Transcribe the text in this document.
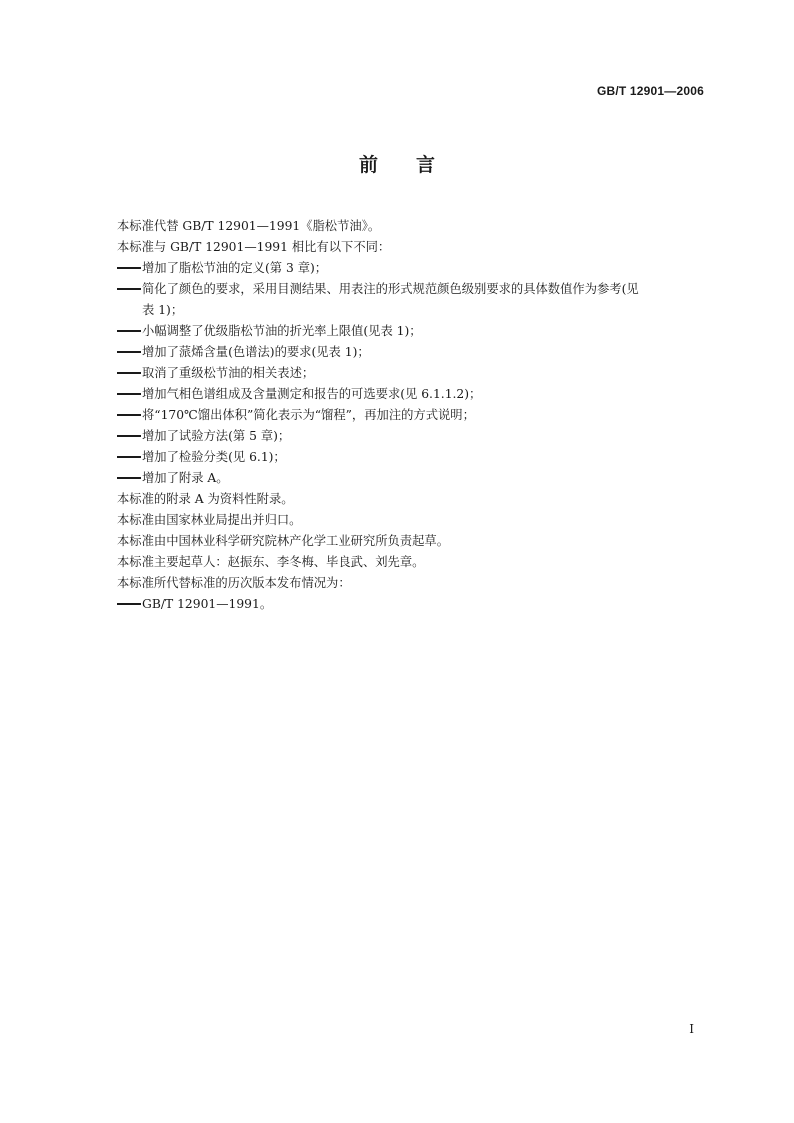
GB/T 12901—2006
前言
本标准代替 GB/T 12901—1991《脂松节油》。
本标准与 GB/T 12901—1991 相比有以下不同：
增加了脂松节油的定义(第 3 章)；
简化了颜色的要求，采用目测结果、用表注的形式规范颜色级别要求的具体数值作为参考(见
表 1)；
小幅调整了优级脂松节油的折光率上限值(见表 1)；
增加了蒎烯含量(色谱法)的要求(见表 1)；
取消了重级松节油的相关表述；
增加气相色谱组成及含量测定和报告的可选要求(见 6.1.1.2)；
将“170℃馏出体积”简化表示为“馏程”，再加注的方式说明；
增加了试验方法(第 5 章)；
增加了检验分类(见 6.1)；
增加了附录 A。
本标准的附录 A 为资料性附录。
本标准由国家林业局提出并归口。
本标准由中国林业科学研究院林产化学工业研究所负责起草。
本标准主要起草人：赵振东、李冬梅、毕良武、刘先章。
本标准所代替标准的历次版本发布情况为：
GB/T 12901—1991。
I
